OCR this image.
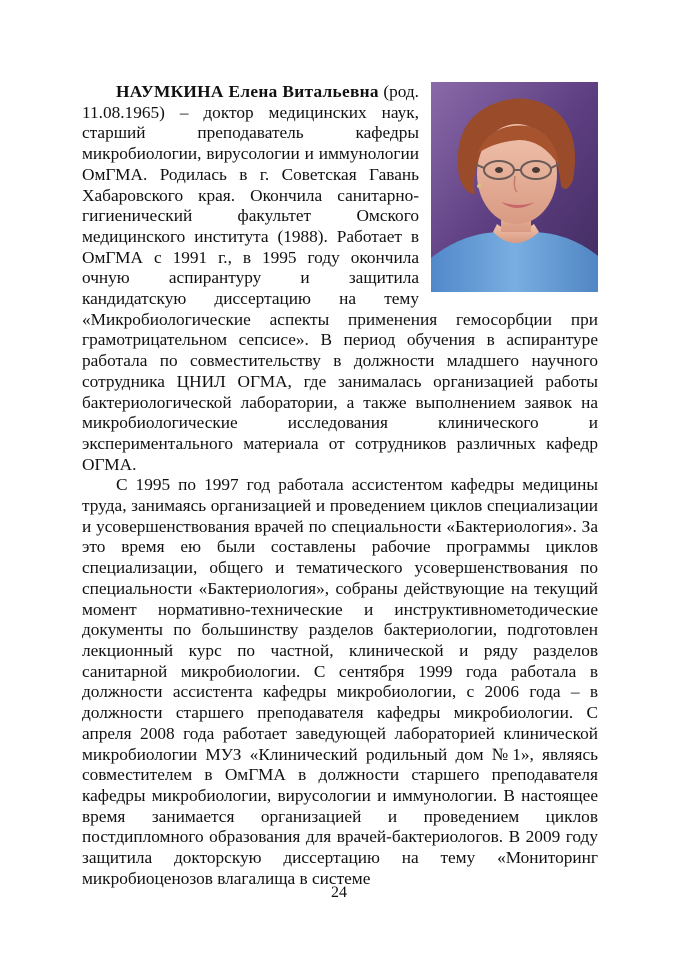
НАУМКИНА Елена Витальевна (род. 11.08.1965) – доктор медицинских наук, старший преподаватель кафедры микробиологии, вирусологии и иммунологии ОмГМА. Родилась в г. Советская Гавань Хабаровского края. Окончила санитарно-гигиенический факультет Омского медицинского института (1988). Работает в ОмГМА с 1991 г., в 1995 году окончила очную аспирантуру и защитила кандидатскую диссертацию на тему «Микробиологические аспекты применения гемосорбции при грамотрицательном сепсисе». В период обучения в аспирантуре работала по совместительству в должности младшего научного сотрудника ЦНИЛ ОГМА, где занималась организацией работы бактериологической лаборатории, а также выполнением заявок на микробиологические исследования клинического и экспериментального материала от сотрудников различных кафедр ОГМА.

С 1995 по 1997 год работала ассистентом кафедры медицины труда, занимаясь организацией и проведением циклов специализации и усовершенствования врачей по специальности «Бактериология». За это время ею были составлены рабочие программы циклов специализации, общего и тематического усовершенствования по специальности «Бактериология», собраны действующие на текущий момент нормативно-технические и инструктивнометодические документы по большинству разделов бактериологии, подготовлен лекционный курс по частной, клинической и ряду разделов санитарной микробиологии. С сентября 1999 года работала в должности ассистента кафедры микробиологии, с 2006 года – в должности старшего преподавателя кафедры микробиологии. С апреля 2008 года работает заведующей лабораторией клинической микробиологии МУЗ «Клинический родильный дом №1», являясь совместителем в ОмГМА в должности старшего преподавателя кафедры микробиологии, вирусологии и иммунологии. В настоящее время занимается организацией и проведением циклов постдипломного образования для врачей-бактериологов. В 2009 году защитила докторскую диссертацию на тему «Мониторинг микробиоценозов влагалища в системе

24
